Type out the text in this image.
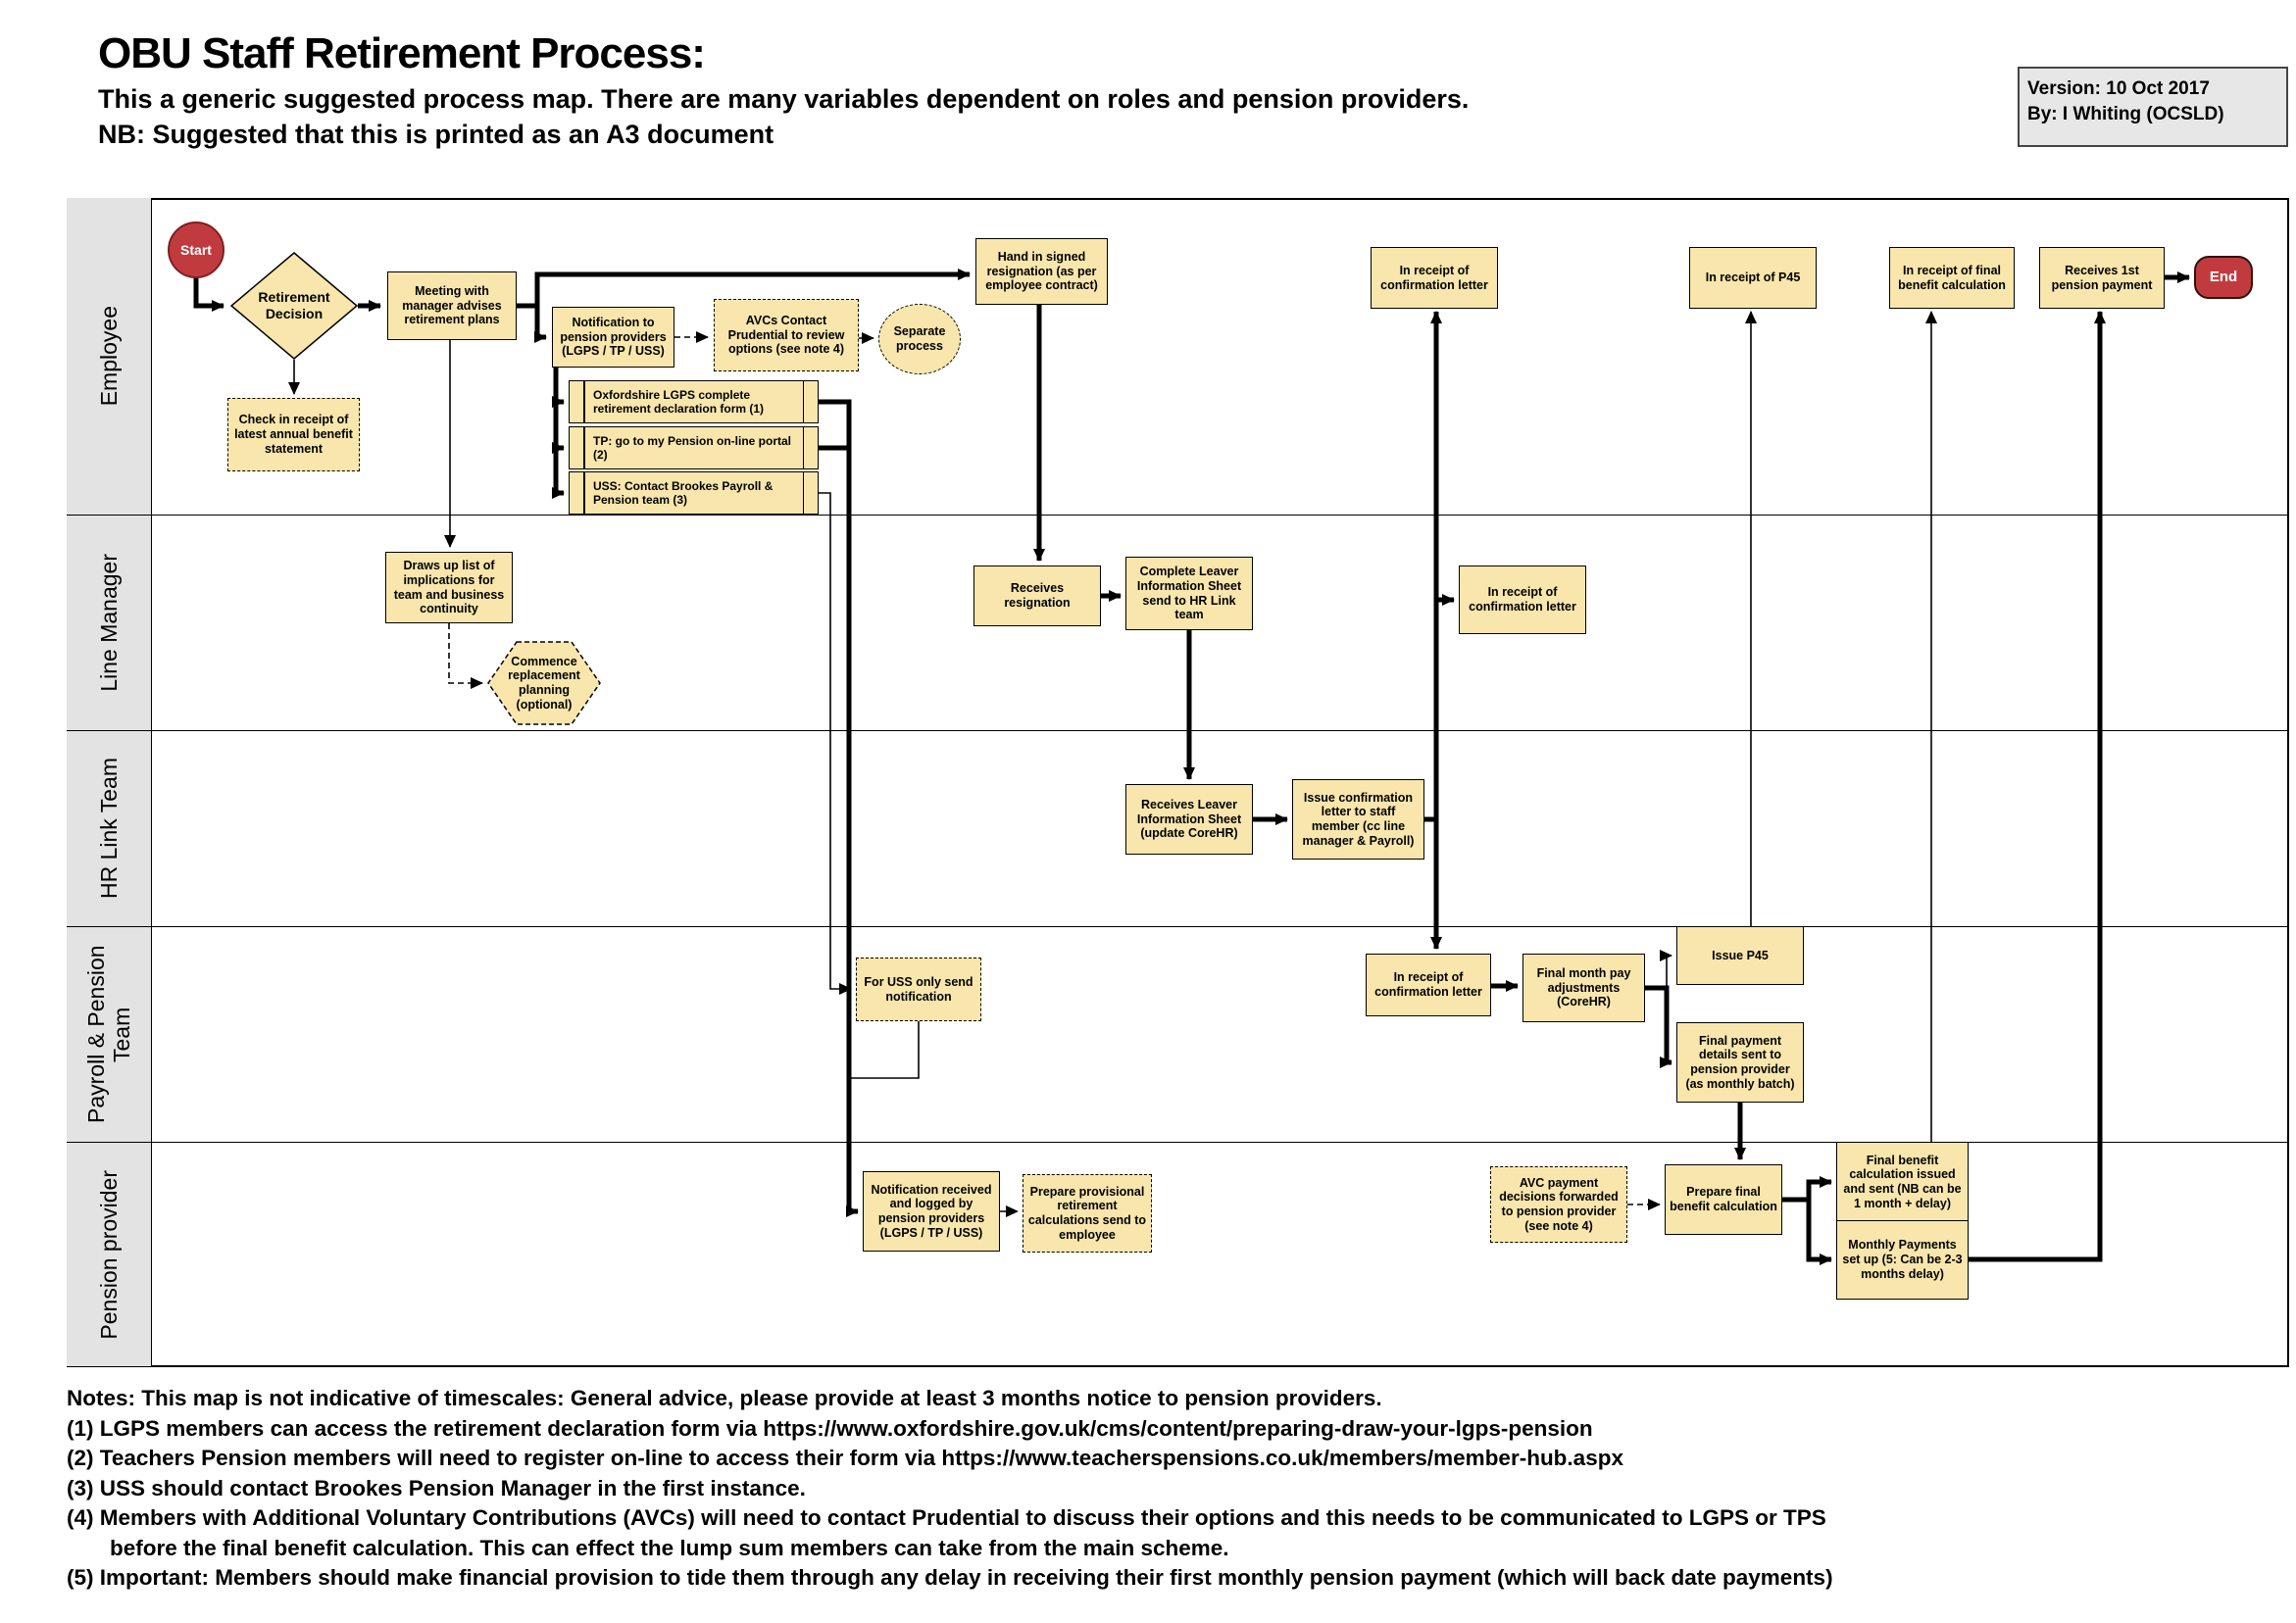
OBU Staff Retirement Process:
This a generic suggested process map. There are many variables dependent on roles and pension providers.
NB: Suggested that this is printed as an A3 document
Version: 10 Oct 2017
By: I Whiting (OCSLD)
Employee
Line Manager
HR Link Team
Payroll & Pension Team
Pension provider
Start
Retirement Decision
Check in receipt of latest annual benefit statement
Meeting with manager advises retirement plans	Notification to pension providers (LGPS / TP / USS)
AVCs Contact Prudential to review options (see note 4)
Separate process
Oxfordshire LGPS complete retirement declaration form (1)
TP: go to my Pension on-line portal (2)
USS: Contact Brookes Payroll & Pension team (3)
Hand in signed resignation (as per employee contract)
In receipt of confirmation letter
In receipt of P45
In receipt of final benefit calculation
Receives 1st pension payment	End
Draws up list of implications for team and business continuity
Commence replacement planning (optional)
Receives resignation
Complete Leaver Information Sheet send to HR Link team
In receipt of confirmation letter
Receives Leaver Information Sheet (update CoreHR)
Issue confirmation letter to staff member (cc line manager & Payroll)
For USS only send notification
In receipt of confirmation letter
Final month pay adjustments (CoreHR)
Issue P45
Final payment details sent to pension provider (as monthly batch)
Notification received and logged by pension providers (LGPS / TP / USS)
Prepare provisional retirement calculations send to employee
AVC payment decisions forwarded to pension provider (see note 4)
Prepare final benefit calculation
Final benefit calculation issued and sent (NB can be 1 month + delay)
Monthly Payments set up (5: Can be 2-3 months delay)
Notes: This map is not indicative of timescales: General advice, please provide at least 3 months notice to pension providers.
(1) LGPS members can access the retirement declaration form via https://www.oxfordshire.gov.uk/cms/content/preparing-draw-your-lgps-pension
(2) Teachers Pension members will need to register on-line to access their form via https://www.teacherspensions.co.uk/members/member-hub.aspx
(3) USS should contact Brookes Pension Manager in the first instance.
(4) Members with Additional Voluntary Contributions (AVCs) will need to contact Prudential to discuss their options and this needs to be communicated to LGPS or TPS
before the final benefit calculation. This can effect the lump sum members can take from the main scheme.
(5) Important: Members should make financial provision to tide them through any delay in receiving their first monthly pension payment (which will back date payments)
